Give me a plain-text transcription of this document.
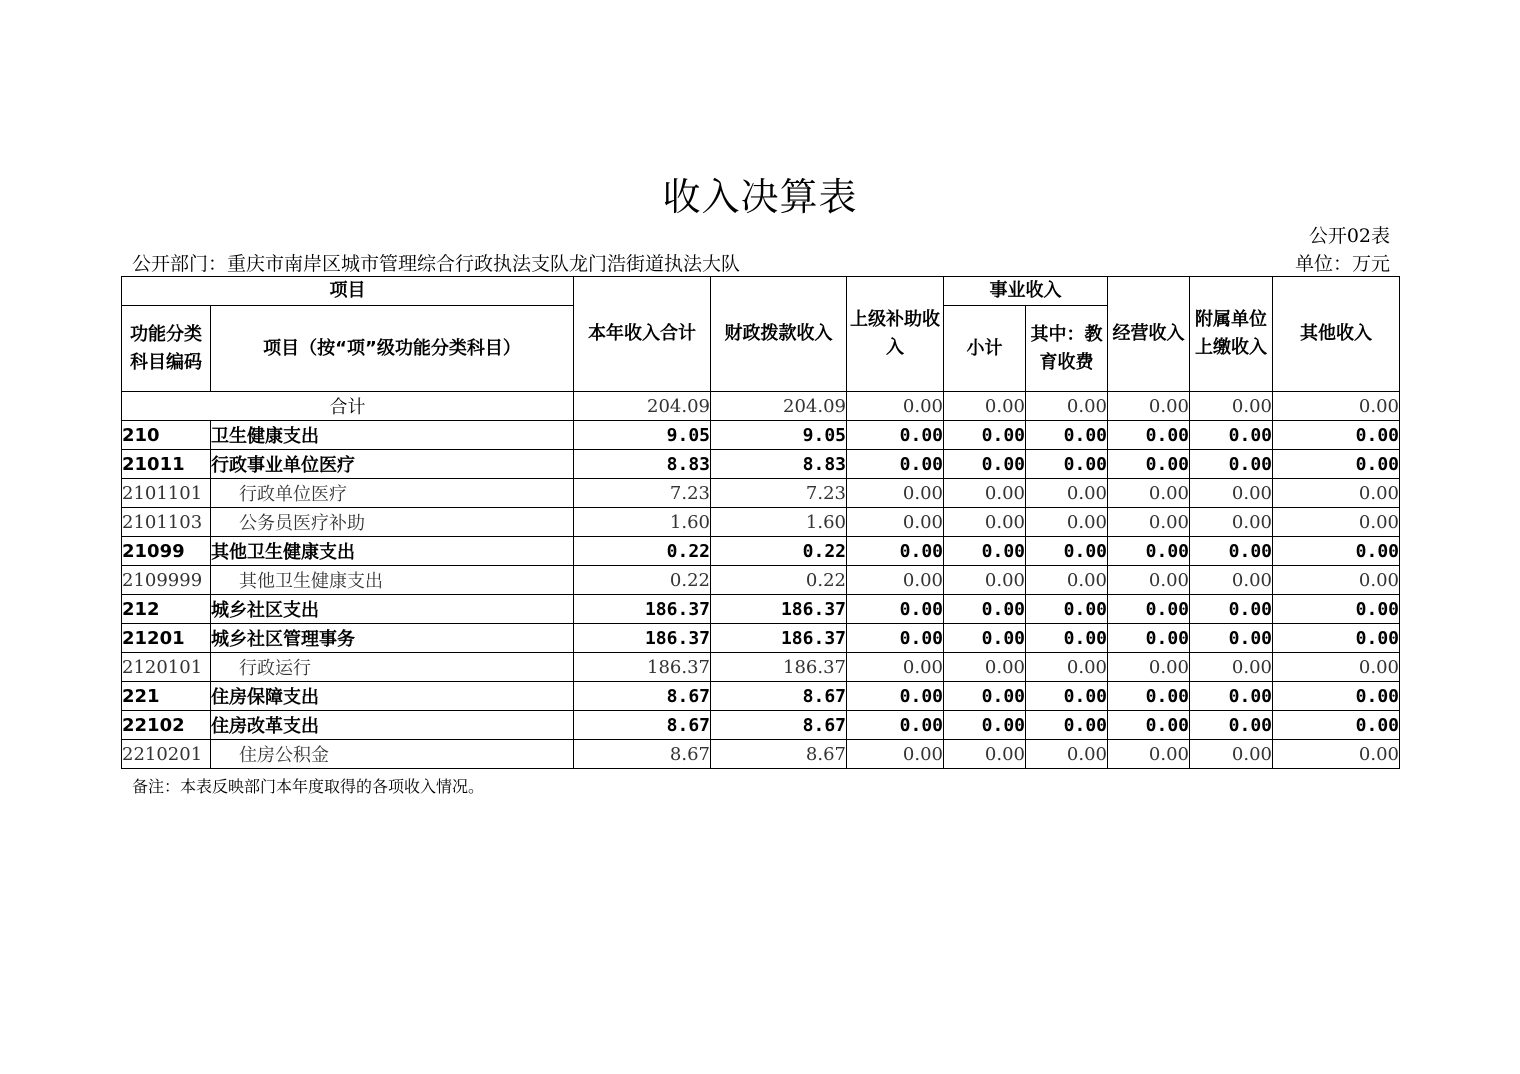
收入决算表
公开02表
公开部门：重庆市南岸区城市管理综合行政执法支队龙门浩街道执法大队	单位：万元
项目		本年收入合计	财政拨款收入	上级补助收入	事业收入		经营收入	附属单位上缴收入	其他收入
功能分类科目编码	项目（按“项”级功能分类科目）				小计	其中：教育收费			
合计		204.09	204.09	0.00	0.00	0.00	0.00	0.00	0.00
210	卫生健康支出	9.05	9.05	0.00	0.00	0.00	0.00	0.00	0.00
21011	行政事业单位医疗	8.83	8.83	0.00	0.00	0.00	0.00	0.00	0.00
2101101	行政单位医疗	7.23	7.23	0.00	0.00	0.00	0.00	0.00	0.00
2101103	公务员医疗补助	1.60	1.60	0.00	0.00	0.00	0.00	0.00	0.00
21099	其他卫生健康支出	0.22	0.22	0.00	0.00	0.00	0.00	0.00	0.00
2109999	其他卫生健康支出	0.22	0.22	0.00	0.00	0.00	0.00	0.00	0.00
212	城乡社区支出	186.37	186.37	0.00	0.00	0.00	0.00	0.00	0.00
21201	城乡社区管理事务	186.37	186.37	0.00	0.00	0.00	0.00	0.00	0.00
2120101	行政运行	186.37	186.37	0.00	0.00	0.00	0.00	0.00	0.00
221	住房保障支出	8.67	8.67	0.00	0.00	0.00	0.00	0.00	0.00
22102	住房改革支出	8.67	8.67	0.00	0.00	0.00	0.00	0.00	0.00
2210201	住房公积金	8.67	8.67	0.00	0.00	0.00	0.00	0.00	0.00
备注：本表反映部门本年度取得的各项收入情况。
